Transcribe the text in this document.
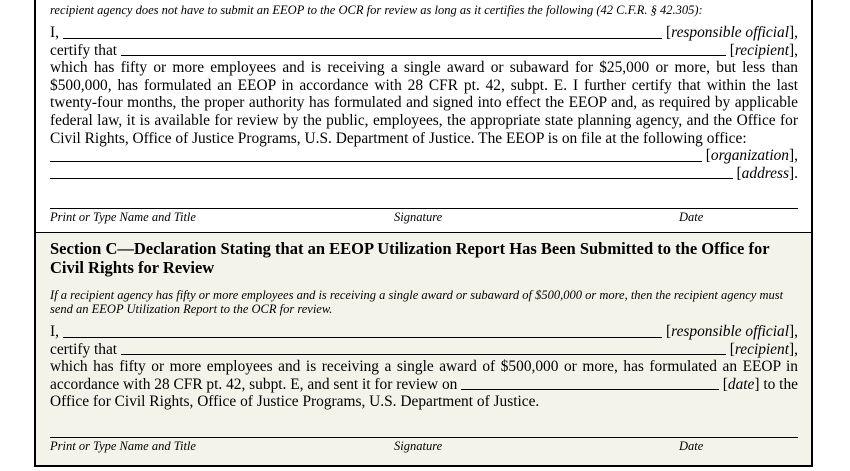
recipient agency does not have to submit an EEOP to the OCR for review as long as it certifies the following (42 C.F.R. § 42.305):
I,	[responsible official],
certify that	[recipient],
which has fifty or more employees and is receiving a single award or subaward for $25,000 or more, but less than
$500,000, has formulated an EEOP in accordance with 28 CFR pt. 42, subpt. E. I further certify that within the last
twenty-four months, the proper authority has formulated and signed into effect the EEOP and, as required by applicable
federal law, it is available for review by the public, employees, the appropriate state planning agency, and the Office for
Civil Rights, Office of Justice Programs, U.S. Department of Justice. The EEOP is on file at the following office:
[organization],
[address].
Print or Type Name and Title	Signature	Date
Section C—Declaration Stating that an EEOP Utilization Report Has Been Submitted to the Office for Civil Rights for Review
If a recipient agency has fifty or more employees and is receiving a single award or subaward of $500,000 or more, then the recipient agency must send an EEOP Utilization Report to the OCR for review.
I,	[responsible official],
certify that	[recipient],
which has fifty or more employees and is receiving a single award of $500,000 or more, has formulated an EEOP in
accordance with 28 CFR pt. 42, subpt. E, and sent it for review on	[date] to the
Office for Civil Rights, Office of Justice Programs, U.S. Department of Justice.
Print or Type Name and Title	Signature	Date
